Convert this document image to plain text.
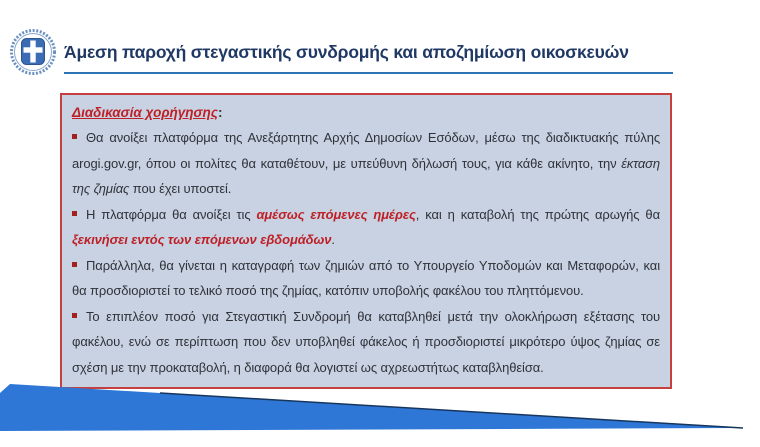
Άμεση παροχή στεγαστικής συνδρομής και αποζημίωση οικοσκευών
Διαδικασία χορήγησης:

Θα ανοίξει πλατφόρμα της Ανεξάρτητης Αρχής Δημοσίων Εσόδων, μέσω της διαδικτυακής πύλης arogi.gov.gr, όπου οι πολίτες θα καταθέτουν, με υπεύθυνη δήλωσή τους, για κάθε ακίνητο, την έκταση της ζημίας που έχει υποστεί.

Η πλατφόρμα θα ανοίξει τις αμέσως επόμενες ημέρες, και η καταβολή της πρώτης αρωγής θα ξεκινήσει εντός των επόμενων εβδομάδων.

Παράλληλα, θα γίνεται η καταγραφή των ζημιών από το Υπουργείο Υποδομών και Μεταφορών, και θα προσδιοριστεί το τελικό ποσό της ζημίας, κατόπιν υποβολής φακέλου του πληττόμενου.

Το επιπλέον ποσό για Στεγαστική Συνδρομή θα καταβληθεί μετά την ολοκλήρωση εξέτασης του φακέλου, ενώ σε περίπτωση που δεν υποβληθεί φάκελος ή προσδιοριστεί μικρότερο ύψος ζημίας σε σχέση με την προκαταβολή, η διαφορά θα λογιστεί ως αχρεωστήτως καταβληθείσα.
